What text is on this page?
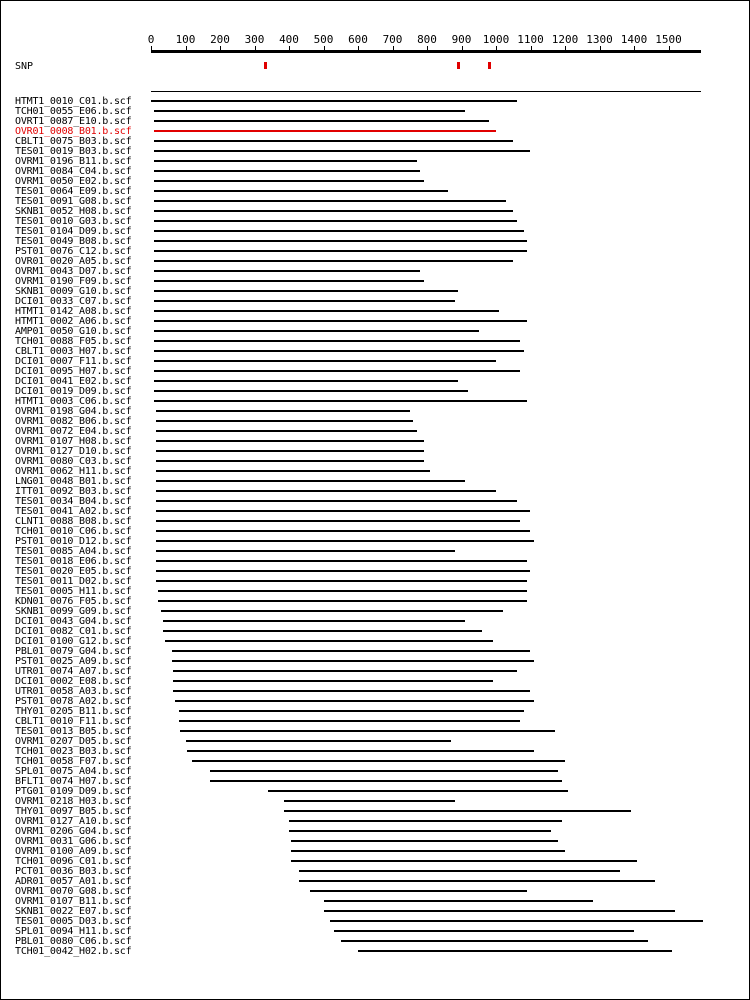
0 100 200 300 400 500 600 700 800 900 1000 1100 1200 1300 1400 1500
SNP
HTMT1_0010_C01.b.scf
TCH01_0055_E06.b.scf
OVRT1_0087_E10.b.scf
OVR01_0008_B01.b.scf
CBLT1_0075_B03.b.scf
TES01_0019_B03.b.scf
OVRM1_0196_B11.b.scf
OVRM1_0084_C04.b.scf
OVRM1_0050_E02.b.scf
TES01_0064_E09.b.scf
TES01_0091_G08.b.scf
SKNB1_0052_H08.b.scf
TES01_0010_G03.b.scf
TES01_0104_D09.b.scf
TES01_0049_B08.b.scf
PST01_0076_C12.b.scf
OVR01_0020_A05.b.scf
OVRM1_0043_D07.b.scf
OVRM1_0190_F09.b.scf
SKNB1_0009_G10.b.scf
DCI01_0033_C07.b.scf
HTMT1_0142_A08.b.scf
HTMT1_0002_A06.b.scf
AMP01_0050_G10.b.scf
TCH01_0088_F05.b.scf
CBLT1_0003_H07.b.scf
DCI01_0007_F11.b.scf
DCI01_0095_H07.b.scf
DCI01_0041_E02.b.scf
DCI01_0019_D09.b.scf
HTMT1_0003_C06.b.scf
OVRM1_0198_G04.b.scf
OVRM1_0082_B06.b.scf
OVRM1_0072_E04.b.scf
OVRM1_0107_H08.b.scf
OVRM1_0127_D10.b.scf
OVRM1_0080_C03.b.scf
OVRM1_0062_H11.b.scf
LNG01_0048_B01.b.scf
ITT01_0092_B03.b.scf
TES01_0034_B04.b.scf
TES01_0041_A02.b.scf
CLNT1_0088_B08.b.scf
TCH01_0010_C06.b.scf
PST01_0010_D12.b.scf
TES01_0085_A04.b.scf
TES01_0018_E06.b.scf
TES01_0020_E05.b.scf
TES01_0011_D02.b.scf
TES01_0005_H11.b.scf
KDN01_0076_F05.b.scf
SKNB1_0099_G09.b.scf
DCI01_0043_G04.b.scf
DCI01_0082_C01.b.scf
DCI01_0100_G12.b.scf
PBL01_0079_G04.b.scf
PST01_0025_A09.b.scf
UTR01_0074_A07.b.scf
DCI01_0002_E08.b.scf
UTR01_0058_A03.b.scf
PST01_0078_A02.b.scf
THY01_0205_B11.b.scf
CBLT1_0010_F11.b.scf
TES01_0013_B05.b.scf
OVRM1_0207_D05.b.scf
TCH01_0023_B03.b.scf
TCH01_0058_F07.b.scf
SPL01_0075_A04.b.scf
BFLT1_0074_H07.b.scf
PTG01_0109_D09.b.scf
OVRM1_0218_H03.b.scf
THY01_0097_B05.b.scf
OVRM1_0127_A10.b.scf
OVRM1_0206_G04.b.scf
OVRM1_0031_G06.b.scf
OVRM1_0100_A09.b.scf
TCH01_0096_C01.b.scf
PCT01_0036_B03.b.scf
ADR01_0057_A01.b.scf
OVRM1_0070_G08.b.scf
OVRM1_0107_B11.b.scf
SKNB1_0022_E07.b.scf
TES01_0005_D03.b.scf
SPL01_0094_H11.b.scf
PBL01_0080_C06.b.scf
TCH01_0042_H02.b.scf
